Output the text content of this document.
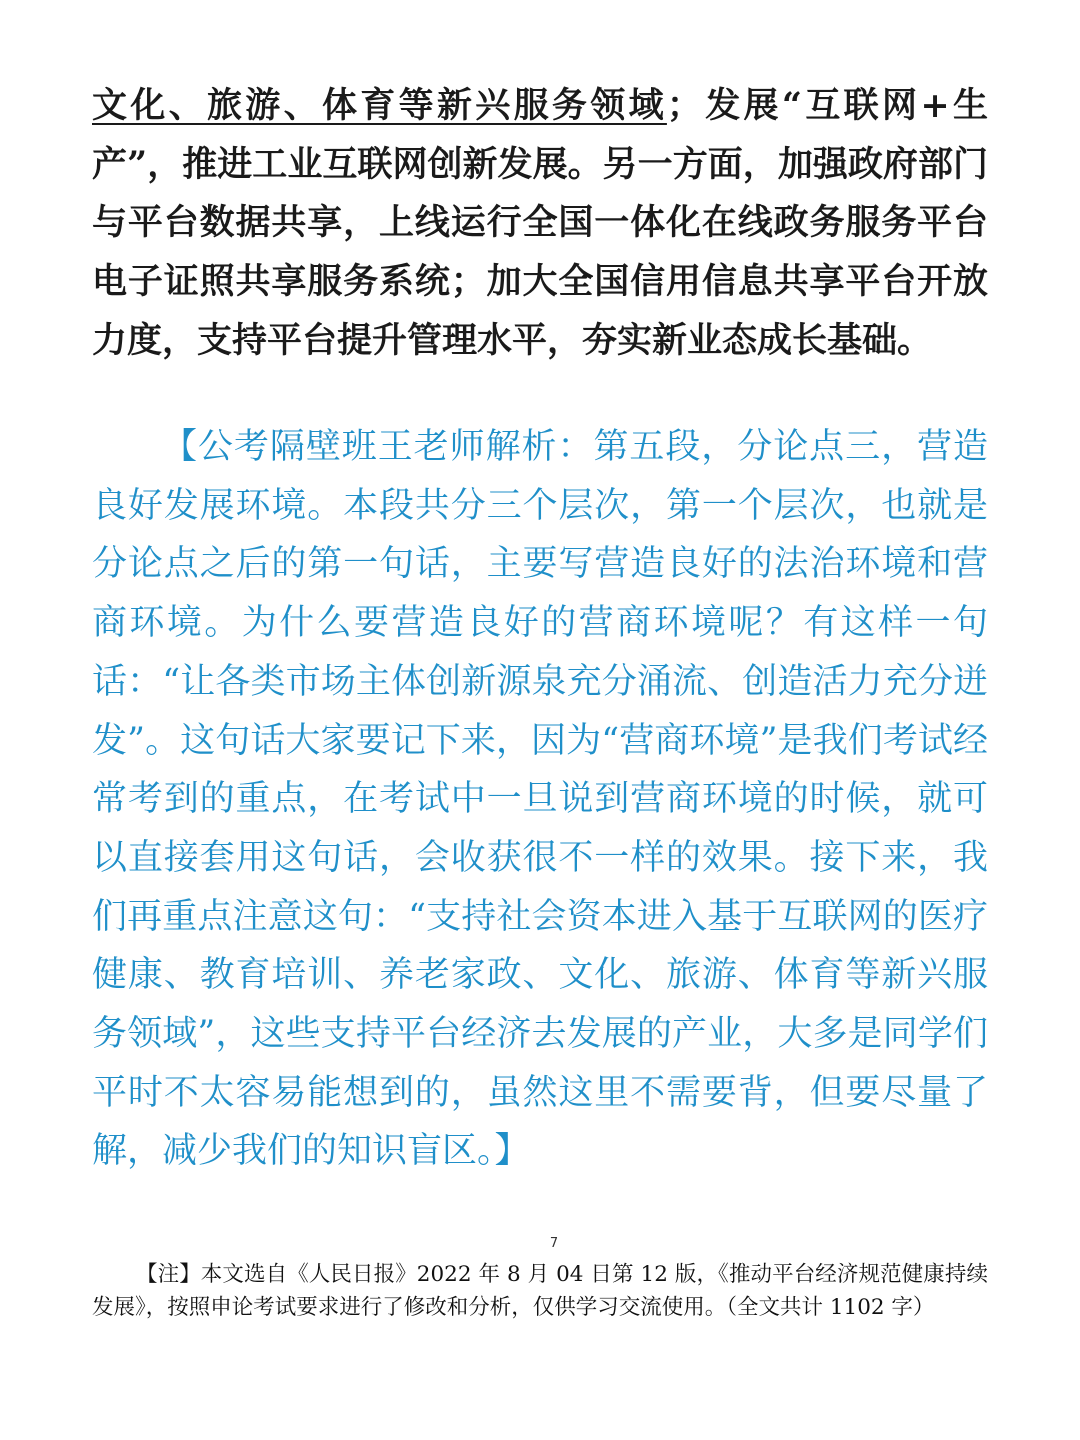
文化、旅游、体育等新兴服务领域；发展“互联网+生产”，推进工业互联网创新发展。另一方面，加强政府部门与平台数据共享，上线运行全国一体化在线政务服务平台电子证照共享服务系统；加大全国信用信息共享平台开放力度，支持平台提升管理水平，夯实新业态成长基础。

【公考隔壁班王老师解析：第五段，分论点三，营造良好发展环境。本段共分三个层次，第一个层次，也就是分论点之后的第一句话，主要写营造良好的法治环境和营商环境。为什么要营造良好的营商环境呢？有这样一句话：“让各类市场主体创新源泉充分涌流、创造活力充分迸发”。这句话大家要记下来，因为“营商环境”是我们考试经常考到的重点，在考试中一旦说到营商环境的时候，就可以直接套用这句话，会收获很不一样的效果。接下来，我们再重点注意这句：“支持社会资本进入基于互联网的医疗健康、教育培训、养老家政、文化、旅游、体育等新兴服务领域”，这些支持平台经济去发展的产业，大多是同学们平时不太容易能想到的，虽然这里不需要背，但要尽量了解，减少我们的知识盲区。】

7

【注】本文选自《人民日报》2022 年 8 月 04 日第 12 版，《推动平台经济规范健康持续发展》，按照申论考试要求进行了修改和分析，仅供学习交流使用。（全文共计 1102 字）
